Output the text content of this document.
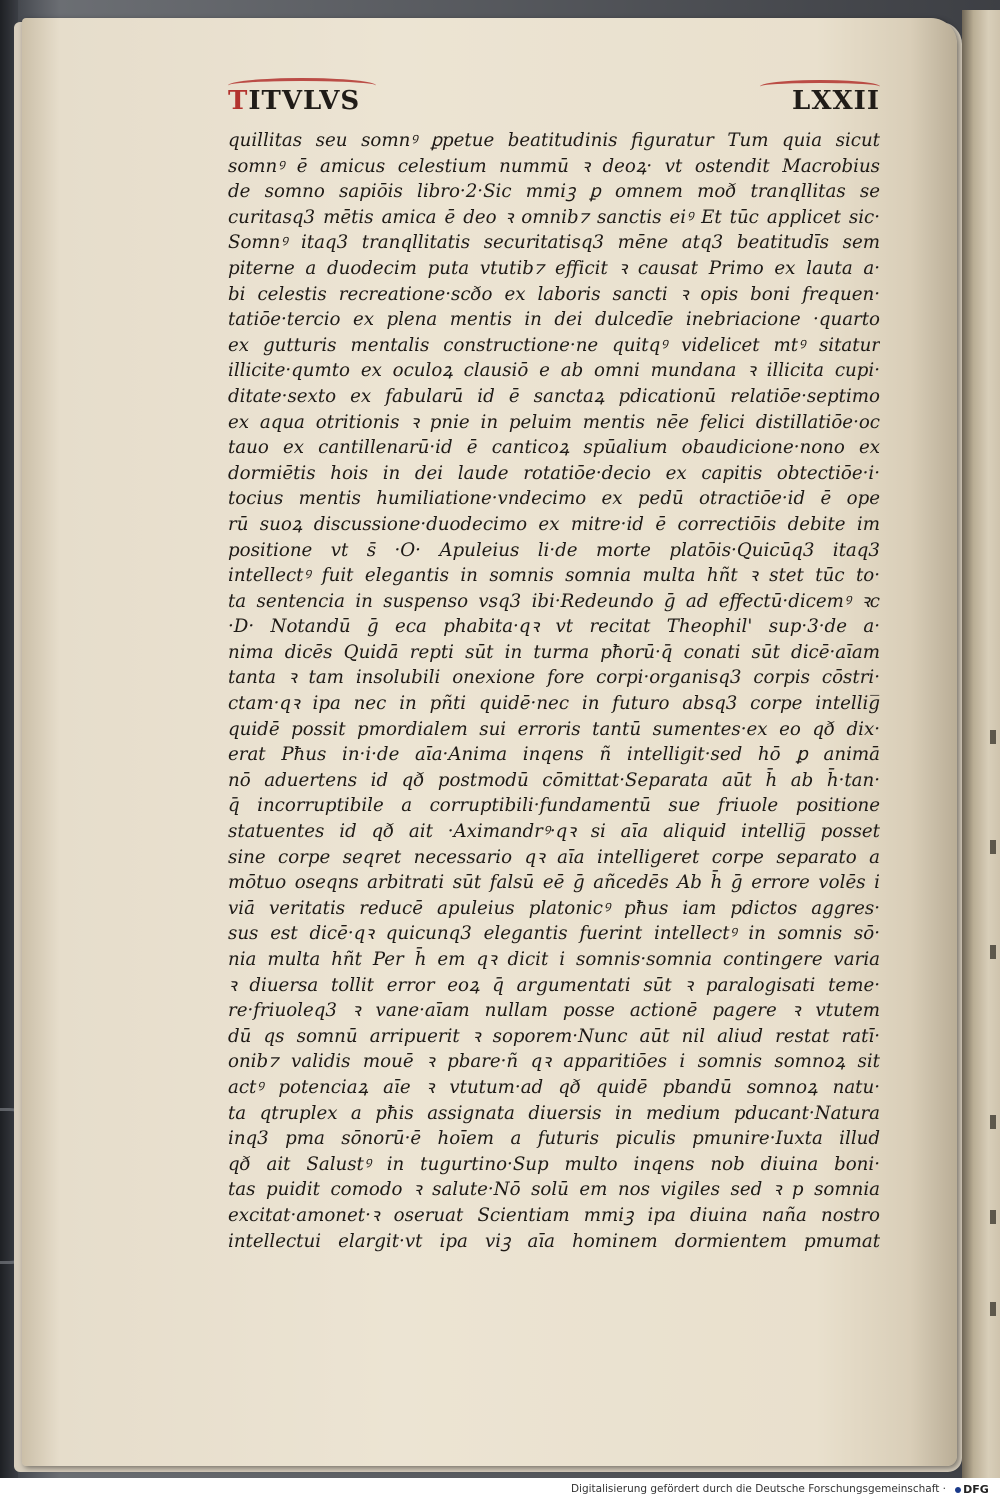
TITVLVS	LXXII
quillitas seu somnꝰ ꝑpetue beatitudinis figuratur Tum quia sicut
somnꝰ ē amicus celestium nummū ꝛ deoꝝ· vt ostendit Macrobius
de somno sapiōis libro·2·Sic mmiꝫ ꝑ omnem moð tranqllitas se
curitasq3 mētis amica ē deo ꝛ omnib⁊ sanctis eiꝰ Et tūc applicet sic·
Somnꝰ itaq3 tranqllitatis securitatisq3 mēne atq3 beatitudīs sem
piterne a duodecim puta vtutib⁊ efficit ꝛ causat Primo ex lauta a·
bi celestis recreatione·scðo ex laboris sancti ꝛ opis boni frequen·
tatiōe·tercio ex plena mentis in dei dulcedīe inebriacione ·quarto
ex gutturis mentalis constructione·ne quitqꝰ videlicet mtꝰ sitatur
illicite·qumto ex oculoꝝ clausiō e ab omni mundana ꝛ illicita cupi·
ditate·sexto ex fabularū id ē sanctaꝝ pdicationū relatiōe·septimo
ex aqua otritionis ꝛ pnie in peluim mentis nēe felici distillatiōe·oc
tauo ex cantillenarū·id ē canticoꝝ spūalium obaudicione·nono ex
dormiētis hois in dei laude rotatiōe·decio ex capitis obtectiōe·i·
tocius mentis humiliatione·vndecimo ex pedū otractiōe·id ē ope
rū suoꝝ discussione·duodecimo ex mitre·id ē correctiōis debite im
positione vt s̄ ·O· Apuleius li·de morte platōis·Quicūq3 itaq3
intellectꝰ fuit elegantis in somnis somnia multa hñt ꝛ stet tūc to·
ta sentencia in suspenso vsq3 ibi·Redeundo ḡ ad effectū·dicemꝰ ꝛc
·D· Notandū ḡ eca phabita·qꝛ vt recitat Theophil' sup·3·de a·
nima dicēs Quidā repti sūt in turma pħorū·q̄ conati sūt dicē·aīam
tanta ꝛ tam insolubili onexione fore corpi·organisq3 corpis cōstri·
ctam·qꝛ ipa nec in pñti quidē·nec in futuro absq3 corpe intellig̅
quidē possit pmordialem sui erroris tantū sumentes·ex eo qð dix·
erat Pħus in·i·de aīa·Anima inqens ñ intelligit·sed hō ꝑ animā
nō aduertens id qð postmodū cōmittat·Separata aūt h̄ ab h̄·tan·
q̄ incorruptibile a corruptibili·fundamentū sue friuole positione
statuentes id qð ait ·Aximandrꝰ·qꝛ si aīa aliquid intellig̅ posset
sine corpe seqret necessario qꝛ aīa intelligeret corpe separato a
mōtuo oseqns arbitrati sūt falsū eē ḡ añcedēs Ab h̄ ḡ errore volēs i
viā veritatis reducē apuleius platonicꝰ pħus iam pdictos aggres·
sus est dicē·qꝛ quicunq3 elegantis fuerint intellectꝰ in somnis sō·
nia multa hñt Per h̄ em qꝛ dicit i somnis·somnia contingere varia
ꝛ diuersa tollit error eoꝝ q̄ argumentati sūt ꝛ paralogisati teme·
re·friuoleq3 ꝛ vane·aīam nullam posse actionē pagere ꝛ vtutem
dū qs somnū arripuerit ꝛ soporem·Nunc aūt nil aliud restat ratī·
onib⁊ validis mouē ꝛ pbare·ñ qꝛ apparitiōes i somnis somnoꝝ sit
actꝰ potenciaꝝ aīe ꝛ vtutum·ad qð quidē pbandū somnoꝝ natu·
ta qtruplex a pħis assignata diuersis in medium pducant·Natura
inq3 pma sōnorū·ē hoīem a futuris piculis pmunire·Iuxta illud
qð ait Salustꝰ in tugurtino·Sup multo inqens nob diuina boni·
tas puidit comodo ꝛ salute·Nō solū em nos vigiles sed ꝛ p somnia
excitat·amonet·ꝛ oseruat Scientiam mmiꝫ ipa diuina naña nostro
intellectui elargit·vt ipa viꝫ aīa hominem dormientem pmumat
Digitalisierung gefördert durch die Deutsche Forschungsgemeinschaft ·	DFG
